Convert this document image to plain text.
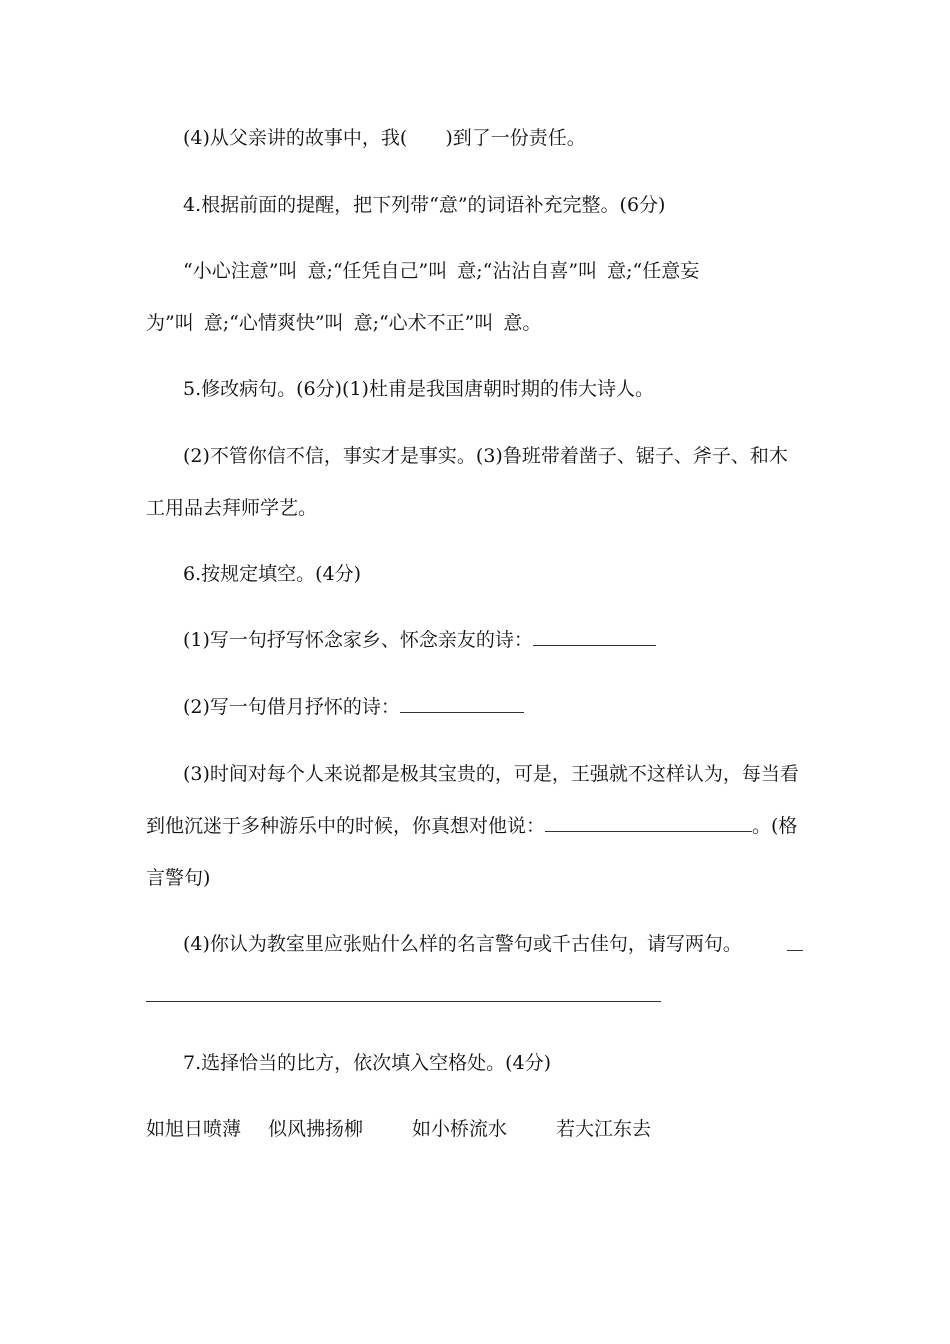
(4)从父亲讲的故事中，我( )到了一份责任。
4.根据前面的提醒，把下列带“意”的词语补充完整。(6分)
“小心注意”叫 意;“任凭自己”叫 意;“沾沾自喜”叫 意;“任意妄
为”叫 意;“心情爽快”叫 意;“心术不正”叫 意。
5.修改病句。(6分)(1)杜甫是我国唐朝时期的伟大诗人。
(2)不管你信不信，事实才是事实。(3)鲁班带着凿子、锯子、斧子、和木
工用品去拜师学艺。
6.按规定填空。(4分)
(1)写一句抒写怀念家乡、怀念亲友的诗：
(2)写一句借月抒怀的诗：
(3)时间对每个人来说都是极其宝贵的，可是，王强就不这样认为，每当看
到他沉迷于多种游乐中的时候，你真想对他说：	。(格
言警句)
(4)你认为教室里应张贴什么样的名言警句或千古佳句，请写两句。
7.选择恰当的比方，依次填入空格处。(4分)
如旭日喷薄 似风拂扬柳	如小桥流水	若大江东去
